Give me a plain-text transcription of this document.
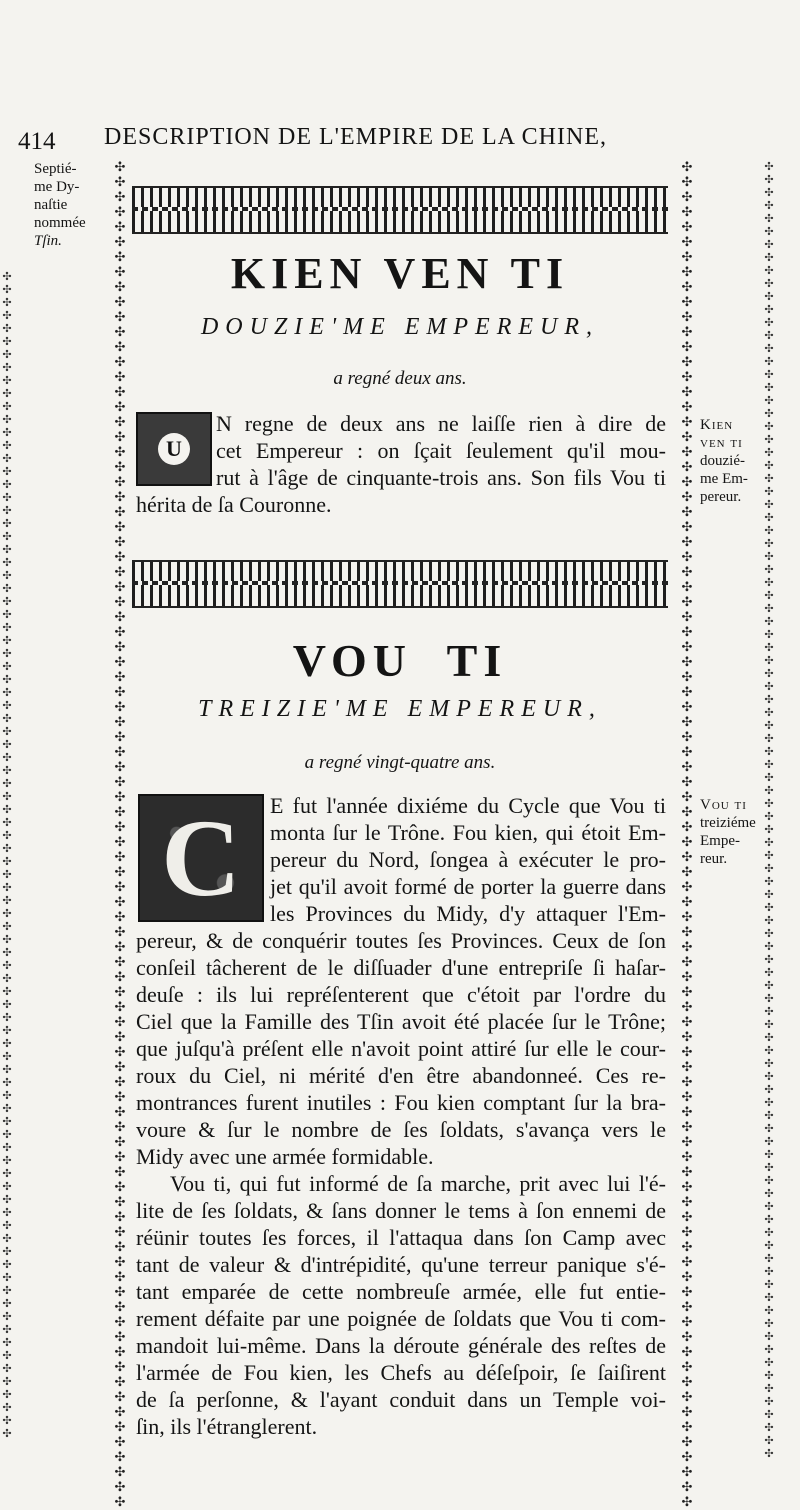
414 DESCRIPTION DE L'EMPIRE DE LA CHINE,
✣✣✣✣✣✣✣✣✣✣✣✣✣✣✣✣✣✣✣✣✣✣✣✣✣✣✣✣✣✣✣✣✣✣✣✣✣✣✣✣✣✣✣✣✣✣✣✣✣✣✣✣✣✣✣✣✣✣✣✣✣✣✣✣✣✣✣✣✣✣✣✣✣✣✣✣✣✣✣✣✣✣✣✣✣✣✣✣✣✣
✣✣✣✣✣✣✣✣✣✣✣✣✣✣✣✣✣✣✣✣✣✣✣✣✣✣✣✣✣✣✣✣✣✣✣✣✣✣✣✣✣✣✣✣✣✣✣✣✣✣✣✣✣✣✣✣✣✣✣✣✣✣✣✣✣✣✣✣✣✣✣✣✣✣✣✣✣✣✣✣✣✣✣✣✣✣✣✣✣✣
✣✣✣✣✣✣✣✣✣✣✣✣✣✣✣✣✣✣✣✣✣✣✣✣✣✣✣✣✣✣✣✣✣✣✣✣✣✣✣✣✣✣✣✣✣✣✣✣✣✣✣✣✣✣✣✣✣✣✣✣✣✣✣✣✣✣✣✣✣✣✣✣✣✣✣✣✣✣✣✣✣✣✣✣✣✣✣✣✣✣
✣✣✣✣✣✣✣✣✣✣✣✣✣✣✣✣✣✣✣✣✣✣✣✣✣✣✣✣✣✣✣✣✣✣✣✣✣✣✣✣✣✣✣✣✣✣✣✣✣✣✣✣✣✣✣✣✣✣✣✣✣✣✣✣✣✣✣✣✣✣✣✣✣✣✣✣✣✣✣✣✣✣✣✣✣✣✣✣✣✣✣✣✣✣✣✣✣✣✣✣
Septié-
me Dy-
naſtie
nommée
Tſin.
Kien
ven ti
douzié-
me Em-
pereur.
Vou ti
treiziéme
Empe-
reur.
KIEN VEN TI
DOUZIE'ME EMPEREUR,
a regné deux ans.
U
N regne de deux ans ne laiſſe rien à dire de
cet Empereur : on ſçait ſeulement qu'il mou-
rut à l'âge de cinquante-trois ans. Son fils Vou ti
hérita de ſa Couronne.
VOU TI
TREIZIE'ME EMPEREUR,
a regné vingt-quatre ans.
C E fut l'année dixiéme du Cycle que Vou ti
monta ſur le Trône. Fou kien, qui étoit Em-
pereur du Nord, ſongea à exécuter le pro-
jet qu'il avoit formé de porter la guerre dans
les Provinces du Midy, d'y attaquer l'Em-
pereur, & de conquérir toutes ſes Provinces. Ceux de ſon
conſeil tâcherent de le diſſuader d'une entrepriſe ſi haſar-
deuſe : ils lui repréſenterent que c'étoit par l'ordre du
Ciel que la Famille des Tſin avoit été placée ſur le Trône;
que juſqu'à préſent elle n'avoit point attiré ſur elle le cour-
roux du Ciel, ni mérité d'en être abandonneé. Ces re-
montrances furent inutiles : Fou kien comptant ſur la bra-
voure & ſur le nombre de ſes ſoldats, s'avança vers le
Midy avec une armée formidable.
Vou ti, qui fut informé de ſa marche, prit avec lui l'é-
lite de ſes ſoldats, & ſans donner le tems à ſon ennemi de
réünir toutes ſes forces, il l'attaqua dans ſon Camp avec
tant de valeur & d'intrépidité, qu'une terreur panique s'é-
tant emparée de cette nombreuſe armée, elle fut entie-
rement défaite par une poignée de ſoldats que Vou ti com-
mandoit lui-même. Dans la déroute générale des reſtes de
l'armée de Fou kien, les Chefs au déſeſpoir, ſe ſaiſirent
de ſa perſonne, & l'ayant conduit dans un Temple voi-
ſin, ils l'étranglerent.
